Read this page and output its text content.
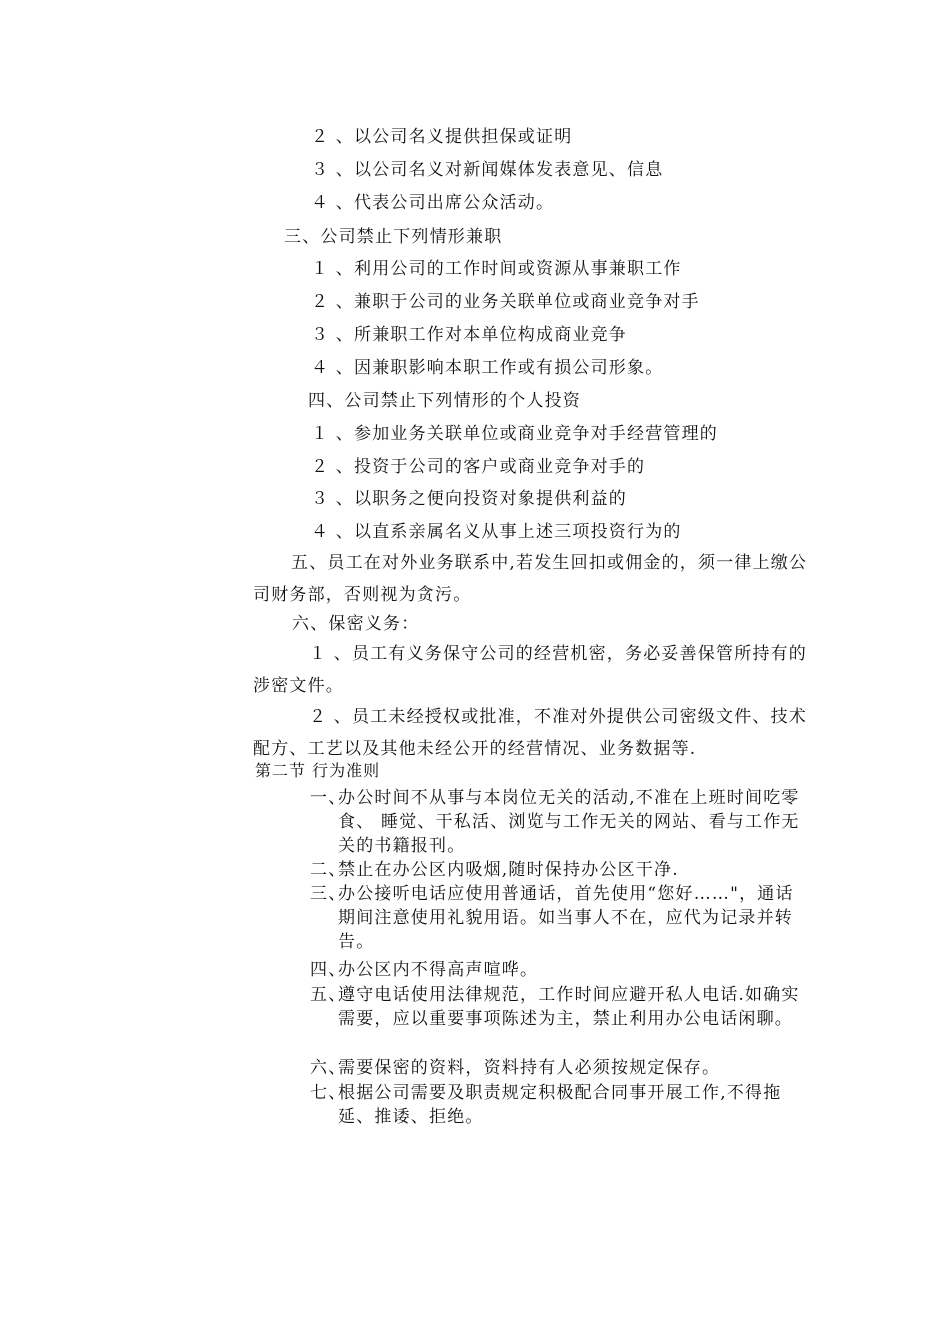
２ 、以公司名义提供担保或证明

３ 、以公司名义对新闻媒体发表意见、信息

４ 、代表公司出席公众活动。

三、公司禁止下列情形兼职

１ 、利用公司的工作时间或资源从事兼职工作

２ 、兼职于公司的业务关联单位或商业竞争对手

３ 、所兼职工作对本单位构成商业竞争

４ 、因兼职影响本职工作或有损公司形象。

四、公司禁止下列情形的个人投资

１ 、参加业务关联单位或商业竞争对手经营管理的

２ 、投资于公司的客户或商业竞争对手的

３ 、以职务之便向投资对象提供利益的

４ 、以直系亲属名义从事上述三项投资行为的

五、员工在对外业务联系中,若发生回扣或佣金的，须一律上缴公司财务部，否则视为贪污。

六、保密义务：

１ 、员工有义务保守公司的经营机密，务必妥善保管所持有的涉密文件。

２ 、员工未经授权或批准，不准对外提供公司密级文件、技术配方、工艺以及其他未经公开的经营情况、业务数据等.

第二节 行为准则

一、
办公时间不从事与本岗位无关的活动,不准在上班时间吃零食、 睡觉、干私活、浏览与工作无关的网站、看与工作无关的书籍报刊。
二、
禁止在办公区内吸烟,随时保持办公区干净.
三、
办公接听电话应使用普通话，首先使用“您好……"，通话期间注意使用礼貌用语。如当事人不在，应代为记录并转告。
四、
办公区内不得高声喧哗。
五、
遵守电话使用法律规范，工作时间应避开私人电话.如确实需要，应以重要事项陈述为主，禁止利用办公电话闲聊。
六、
需要保密的资料，资料持有人必须按规定保存。
七、
根据公司需要及职责规定积极配合同事开展工作,不得拖延、推诿、拒绝。
